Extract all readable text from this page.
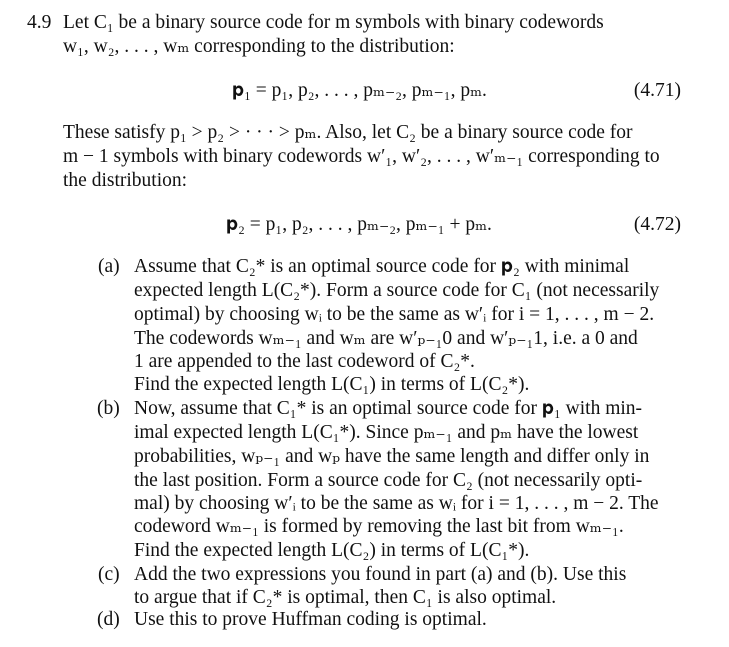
4.9 Let C₁ be a binary source code for m symbols with binary codewords
w₁, w₂, . . . , wₘ corresponding to the distribution:
𝐩₁ = p₁, p₂, . . . , pₘ₋₂, pₘ₋₁, pₘ.	(4.71)
These satisfy p₁ > p₂ > · · · > pₘ. Also, let C₂ be a binary source code for
m − 1 symbols with binary codewords w′₁, w′₂, . . . , w′ₘ₋₁ corresponding to
the distribution:
𝐩₂ = p₁, p₂, . . . , pₘ₋₂, pₘ₋₁ + pₘ.	(4.72)
(a) Assume that C₂* is an optimal source code for 𝐩₂ with minimal
expected length L(C₂*). Form a source code for C₁ (not necessarily
optimal) by choosing wᵢ to be the same as w′ᵢ for i = 1, . . . , m − 2.
The codewords wₘ₋₁ and wₘ are w′ₚ₋₁0 and w′ₚ₋₁1, i.e. a 0 and
1 are appended to the last codeword of C₂*.
Find the expected length L(C₁) in terms of L(C₂*).
(b) Now, assume that C₁* is an optimal source code for 𝐩₁ with min-
imal expected length L(C₁*). Since pₘ₋₁ and pₘ have the lowest
probabilities, wₚ₋₁ and wₚ have the same length and differ only in
the last position. Form a source code for C₂ (not necessarily opti-
mal) by choosing w′ᵢ to be the same as wᵢ for i = 1, . . . , m − 2. The
codeword wₘ₋₁ is formed by removing the last bit from wₘ₋₁.
Find the expected length L(C₂) in terms of L(C₁*).
(c) Add the two expressions you found in part (a) and (b). Use this
to argue that if C₂* is optimal, then C₁ is also optimal.
(d) Use this to prove Huffman coding is optimal.
